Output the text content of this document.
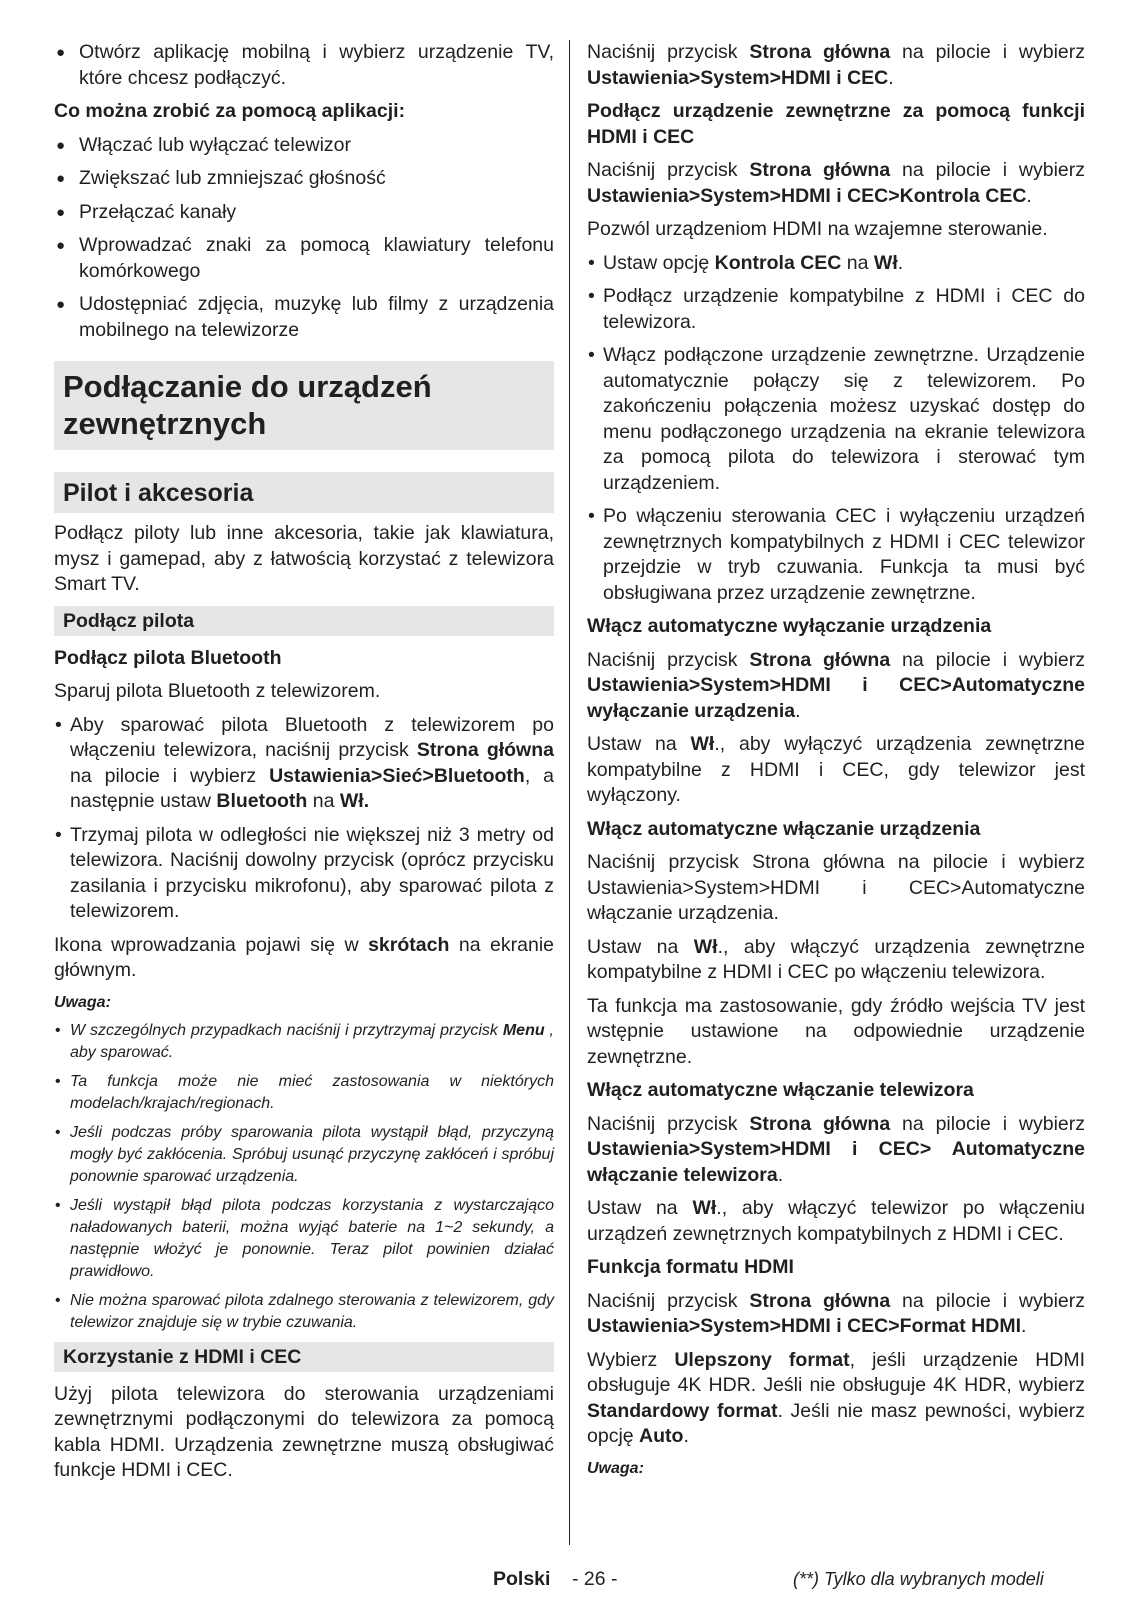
● Otwórz aplikację mobilną i wybierz urządzenie TV, które chcesz podłączyć.

Co można zrobić za pomocą aplikacji:

● Włączać lub wyłączać telewizor
● Zwiększać lub zmniejszać głośność
● Przełączać kanały
● Wprowadzać znaki za pomocą klawiatury telefonu komórkowego
● Udostępniać zdjęcia, muzykę lub filmy z urządzenia mobilnego na telewizorze
Podłączanie do urządzeń zewnętrznych
Pilot i akcesoria

Podłącz piloty lub inne akcesoria, takie jak klawiatura, mysz i gamepad, aby z łatwością korzystać z telewizora Smart TV.

Podłącz pilota

Podłącz pilota Bluetooth

Sparuj pilota Bluetooth z telewizorem.

• Aby sparować pilota Bluetooth z telewizorem po włączeniu telewizora, naciśnij przycisk Strona główna na pilocie i wybierz Ustawienia>Sieć>Bluetooth, a następnie ustaw Bluetooth na Wł.
• Trzymaj pilota w odległości nie większej niż 3 metry od telewizora. Naciśnij dowolny przycisk (oprócz przycisku zasilania i przycisku mikrofonu), aby sparować pilota z telewizorem.

Ikona wprowadzania pojawi się w skrótach na ekranie głównym.

Uwaga:

• W szczególnych przypadkach naciśnij i przytrzymaj przycisk Menu , aby sparować.
• Ta funkcja może nie mieć zastosowania w niektórych modelach/krajach/regionach.
• Jeśli podczas próby sparowania pilota wystąpił błąd, przyczyną mogły być zakłócenia. Spróbuj usunąć przyczynę zakłóceń i spróbuj ponownie sparować urządzenia.
• Jeśli wystąpił błąd pilota podczas korzystania z wystarczająco naładowanych baterii, można wyjąć baterie na 1~2 sekundy, a następnie włożyć je ponownie. Teraz pilot powinien działać prawidłowo.
• Nie można sparować pilota zdalnego sterowania z telewizorem, gdy telewizor znajduje się w trybie czuwania.
Korzystanie z HDMI i CEC

Użyj pilota telewizora do sterowania urządzeniami zewnętrznymi podłączonymi do telewizora za pomocą kabla HDMI. Urządzenia zewnętrzne muszą obsługiwać funkcje HDMI i CEC.

Naciśnij przycisk Strona główna na pilocie i wybierz Ustawienia>System>HDMI i CEC.

Podłącz urządzenie zewnętrzne za pomocą funkcji HDMI i CEC

Naciśnij przycisk Strona główna na pilocie i wybierz Ustawienia>System>HDMI i CEC>Kontrola CEC.

Pozwól urządzeniom HDMI na wzajemne sterowanie.

• Ustaw opcję Kontrola CEC na Wł.
• Podłącz urządzenie kompatybilne z HDMI i CEC do telewizora.
• Włącz podłączone urządzenie zewnętrzne. Urządzenie automatycznie połączy się z telewizorem. Po zakończeniu połączenia możesz uzyskać dostęp do menu podłączonego urządzenia na ekranie telewizora za pomocą pilota do telewizora i sterować tym urządzeniem.
• Po włączeniu sterowania CEC i wyłączeniu urządzeń zewnętrznych kompatybilnych z HDMI i CEC telewizor przejdzie w tryb czuwania. Funkcja ta musi być obsługiwana przez urządzenie zewnętrzne.

Włącz automatyczne wyłączanie urządzenia

Naciśnij przycisk Strona główna na pilocie i wybierz Ustawienia>System>HDMI i CEC>Automatyczne wyłączanie urządzenia.

Ustaw na Wł., aby wyłączyć urządzenia zewnętrzne kompatybilne z HDMI i CEC, gdy telewizor jest wyłączony.

Włącz automatyczne włączanie urządzenia

Naciśnij przycisk Strona główna na pilocie i wybierz Ustawienia>System>HDMI i CEC>Automatyczne włączanie urządzenia.

Ustaw na Wł., aby włączyć urządzenia zewnętrzne kompatybilne z HDMI i CEC po włączeniu telewizora.

Ta funkcja ma zastosowanie, gdy źródło wejścia TV jest wstępnie ustawione na odpowiednie urządzenie zewnętrzne.

Włącz automatyczne włączanie telewizora

Naciśnij przycisk Strona główna na pilocie i wybierz Ustawienia>System>HDMI i CEC> Automatyczne włączanie telewizora.

Ustaw na Wł., aby włączyć telewizor po włączeniu urządzeń zewnętrznych kompatybilnych z HDMI i CEC.

Funkcja formatu HDMI

Naciśnij przycisk Strona główna na pilocie i wybierz Ustawienia>System>HDMI i CEC>Format HDMI.

Wybierz Ulepszony format, jeśli urządzenie HDMI obsługuje 4K HDR. Jeśli nie obsługuje 4K HDR, wybierz Standardowy format. Jeśli nie masz pewności, wybierz opcję Auto.

Uwaga:

Polski - 26 -	(**) Tylko dla wybranych modeli
